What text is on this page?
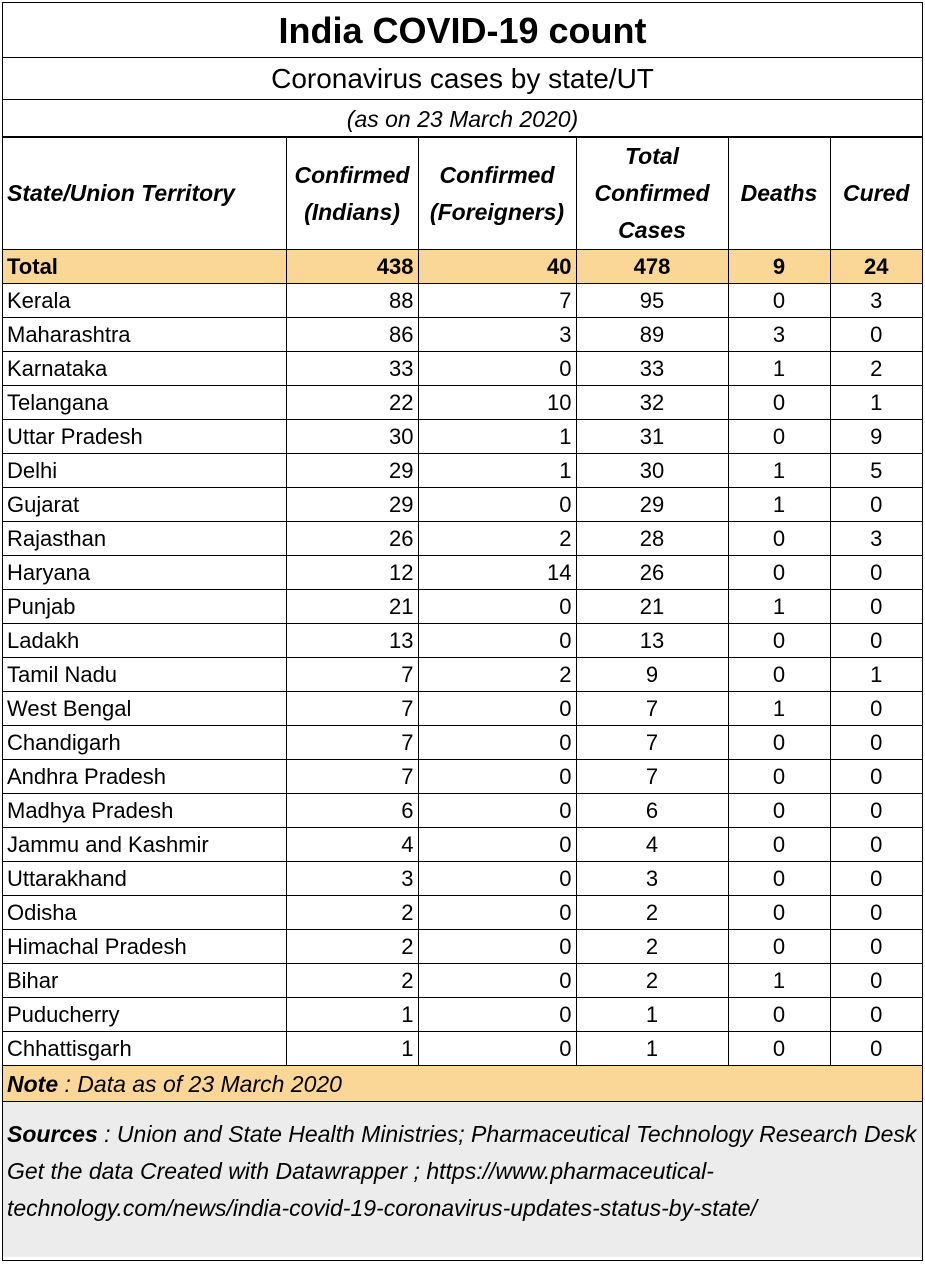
India COVID-19 count
Coronavirus cases by state/UT
(as on 23 March 2020)
State/Union Territory	Confirmed (Indians)	Confirmed (Foreigners)	Total Confirmed Cases	Deaths	Cured
Total	438	40	478	9	24
Kerala	88	7	95	0	3
Maharashtra	86	3	89	3	0
Karnataka	33	0	33	1	2
Telangana	22	10	32	0	1
Uttar Pradesh	30	1	31	0	9
Delhi	29	1	30	1	5
Gujarat	29	0	29	1	0
Rajasthan	26	2	28	0	3
Haryana	12	14	26	0	0
Punjab	21	0	21	1	0
Ladakh	13	0	13	0	0
Tamil Nadu	7	2	9	0	1
West Bengal	7	0	7	1	0
Chandigarh	7	0	7	0	0
Andhra Pradesh	7	0	7	0	0
Madhya Pradesh	6	0	6	0	0
Jammu and Kashmir	4	0	4	0	0
Uttarakhand	3	0	3	0	0
Odisha	2	0	2	0	0
Himachal Pradesh	2	0	2	0	0
Bihar	2	0	2	1	0
Puducherry	1	0	1	0	0
Chhattisgarh	1	0	1	0	0
Note : Data as of 23 March 2020
Sources : Union and State Health Ministries; Pharmaceutical Technology Research Desk Get the data Created with Datawrapper ; https://www.pharmaceutical-technology.com/news/india-covid-19-coronavirus-updates-status-by-state/
